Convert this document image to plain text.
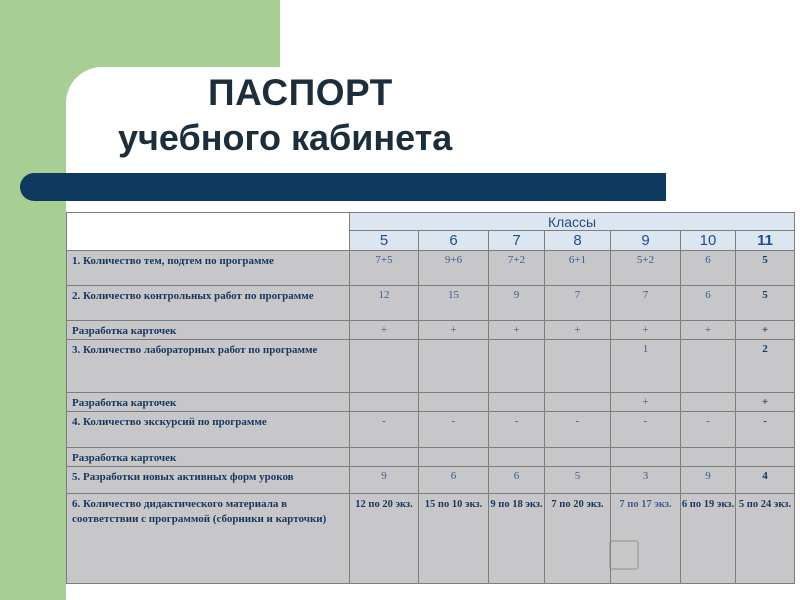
ПАСПОРТ
учебного кабинета
	Классы						
	5	6	7	8	9	10	11
1. Количество тем, подтем по программе	7+5	9+6	7+2	6+1	5+2	6	5
2. Количество контрольных работ по программе	12	15	9	7	7	6	5
Разработка карточек	+	+	+	+	+	+	+
3. Количество лабораторных работ по программе					1		2
Разработка карточек					+		+
4. Количество экскурсий по программе	-	-	-	-	-	-	-
Разработка карточек							
5. Разработки новых активных форм уроков	9	6	6	5	3	9	4
6. Количество дидактического материала в соответствии с программой (сборники и карточки)	12 по 20 экз.	15 по 10 экз.	9 по 18 экз.	7 по 20 экз.	7 по 17 экз.	6 по 19 экз.	5 по 24 экз.
